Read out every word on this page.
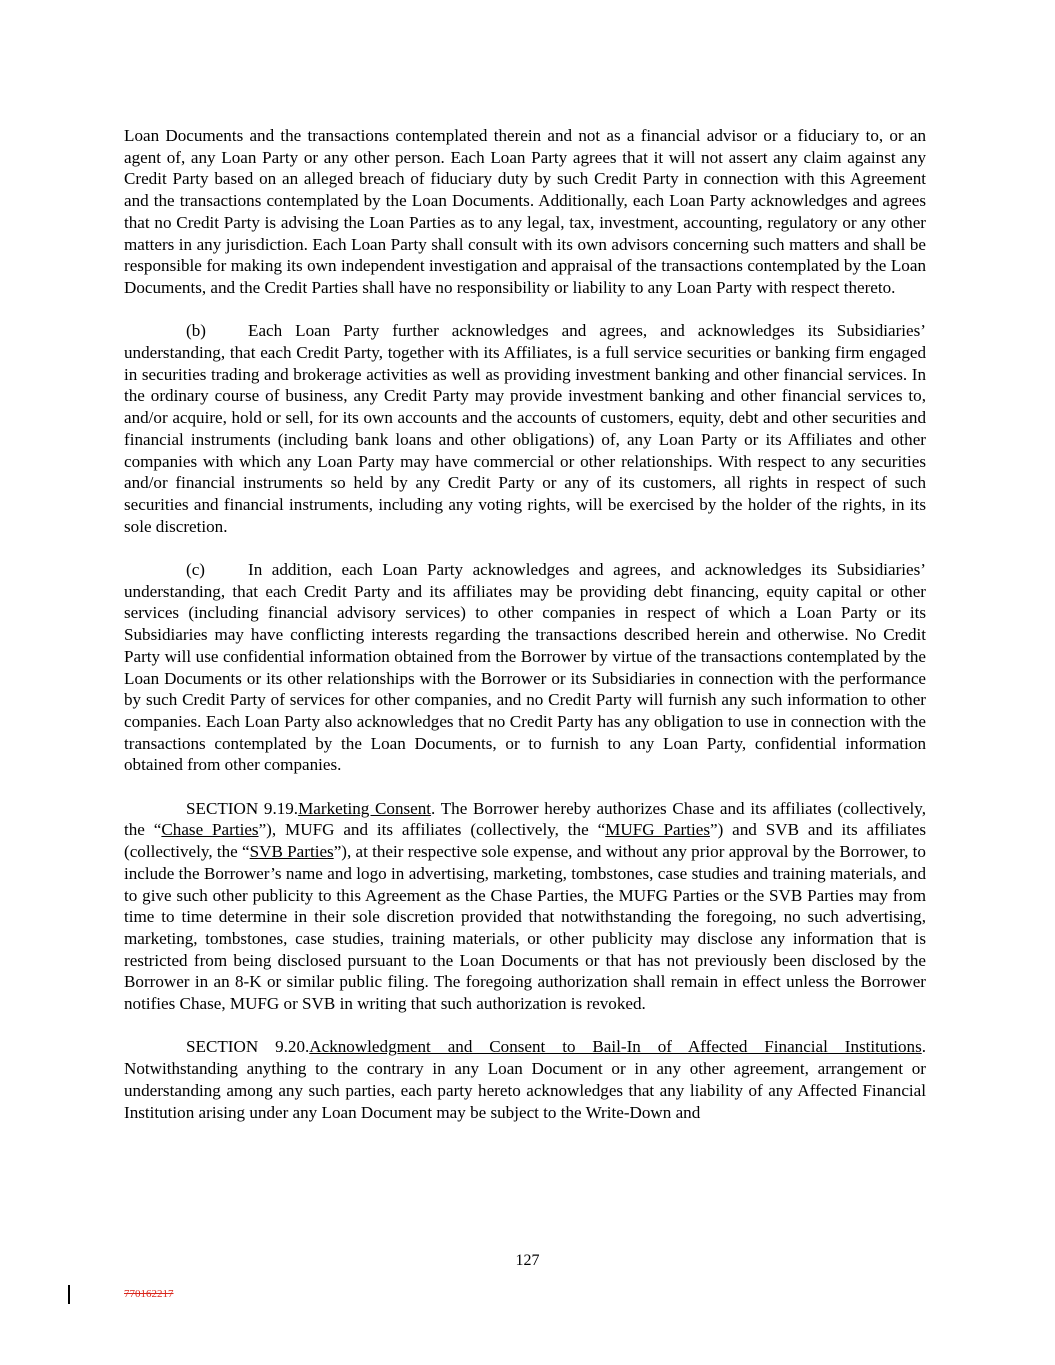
Loan Documents and the transactions contemplated therein and not as a financial advisor or a fiduciary to, or an agent of, any Loan Party or any other person. Each Loan Party agrees that it will not assert any claim against any Credit Party based on an alleged breach of fiduciary duty by such Credit Party in connection with this Agreement and the transactions contemplated by the Loan Documents. Additionally, each Loan Party acknowledges and agrees that no Credit Party is advising the Loan Parties as to any legal, tax, investment, accounting, regulatory or any other matters in any jurisdiction. Each Loan Party shall consult with its own advisors concerning such matters and shall be responsible for making its own independent investigation and appraisal of the transactions contemplated by the Loan Documents, and the Credit Parties shall have no responsibility or liability to any Loan Party with respect thereto.

(b) Each Loan Party further acknowledges and agrees, and acknowledges its Subsidiaries’ understanding, that each Credit Party, together with its Affiliates, is a full service securities or banking firm engaged in securities trading and brokerage activities as well as providing investment banking and other financial services. In the ordinary course of business, any Credit Party may provide investment banking and other financial services to, and/or acquire, hold or sell, for its own accounts and the accounts of customers, equity, debt and other securities and financial instruments (including bank loans and other obligations) of, any Loan Party or its Affiliates and other companies with which any Loan Party may have commercial or other relationships. With respect to any securities and/or financial instruments so held by any Credit Party or any of its customers, all rights in respect of such securities and financial instruments, including any voting rights, will be exercised by the holder of the rights, in its sole discretion.

(c)	In addition, each Loan Party acknowledges and agrees, and acknowledges its Subsidiaries’ understanding, that each Credit Party and its affiliates may be providing debt financing, equity capital or other services (including financial advisory services) to other companies in respect of which a Loan Party or its Subsidiaries may have conflicting interests regarding the transactions described herein and otherwise. No Credit Party will use confidential information obtained from the Borrower by virtue of the transactions contemplated by the Loan Documents or its other relationships with the Borrower or its Subsidiaries in connection with the performance by such Credit Party of services for other companies, and no Credit Party will furnish any such information to other companies. Each Loan Party also acknowledges that no Credit Party has any obligation to use in connection with the transactions contemplated by the Loan Documents, or to furnish to any Loan Party, confidential information obtained from other companies.

SECTION 9.19.Marketing Consent. The Borrower hereby authorizes Chase and its affiliates (collectively, the “Chase Parties”), MUFG and its affiliates (collectively, the “MUFG Parties”) and SVB and its affiliates (collectively, the “SVB Parties”), at their respective sole expense, and without any prior approval by the Borrower, to include the Borrower’s name and logo in advertising, marketing, tombstones, case studies and training materials, and to give such other publicity to this Agreement as the Chase Parties, the MUFG Parties or the SVB Parties may from time to time determine in their sole discretion provided that notwithstanding the foregoing, no such advertising, marketing, tombstones, case studies, training materials, or other publicity may disclose any information that is restricted from being disclosed pursuant to the Loan Documents or that has not previously been disclosed by the Borrower in an 8-K or similar public filing. The foregoing authorization shall remain in effect unless the Borrower notifies Chase, MUFG or SVB in writing that such authorization is revoked.

SECTION 9.20.Acknowledgment and Consent to Bail-In of Affected Financial Institutions. Notwithstanding anything to the contrary in any Loan Document or in any other agreement, arrangement or understanding among any such parties, each party hereto acknowledges that any liability of any Affected Financial Institution arising under any Loan Document may be subject to the Write-Down and

127
770162217
